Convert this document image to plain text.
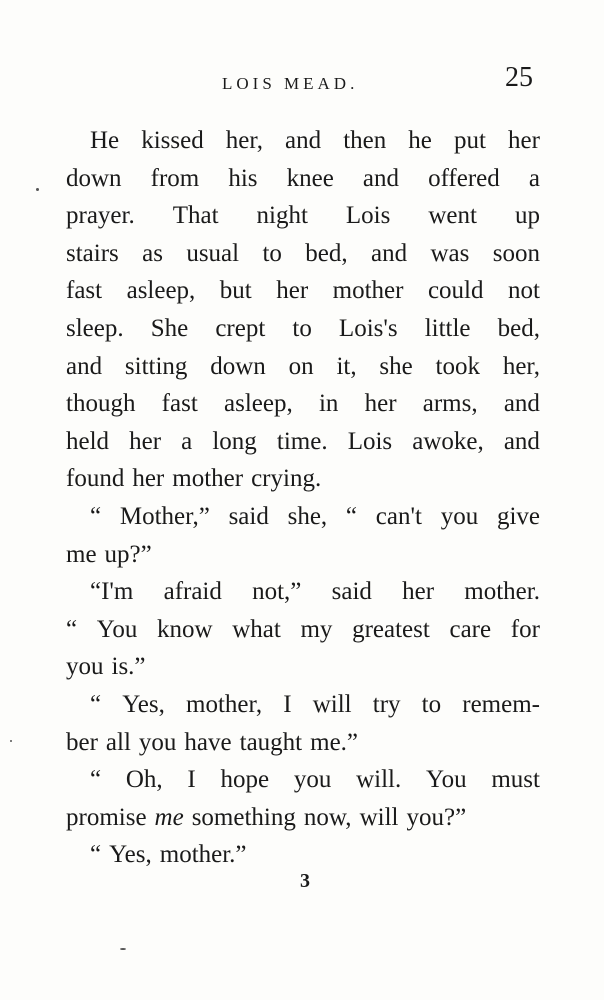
LOIS MEAD.	25
He kissed her, and then he put her
down from his knee and offered a
prayer. That night Lois went up
stairs as usual to bed, and was soon
fast asleep, but her mother could not
sleep. She crept to Lois's little bed,
and sitting down on it, she took her,
though fast asleep, in her arms, and
held her a long time. Lois awoke, and
found her mother crying.
“ Mother,” said she, “ can't you give
me up?”
“I'm afraid not,” said her mother.
“ You know what my greatest care for
you is.”
“ Yes, mother, I will try to remem-
ber all you have taught me.”
“ Oh, I hope you will. You must
promise me something now, will you?”
“ Yes, mother.”
3
